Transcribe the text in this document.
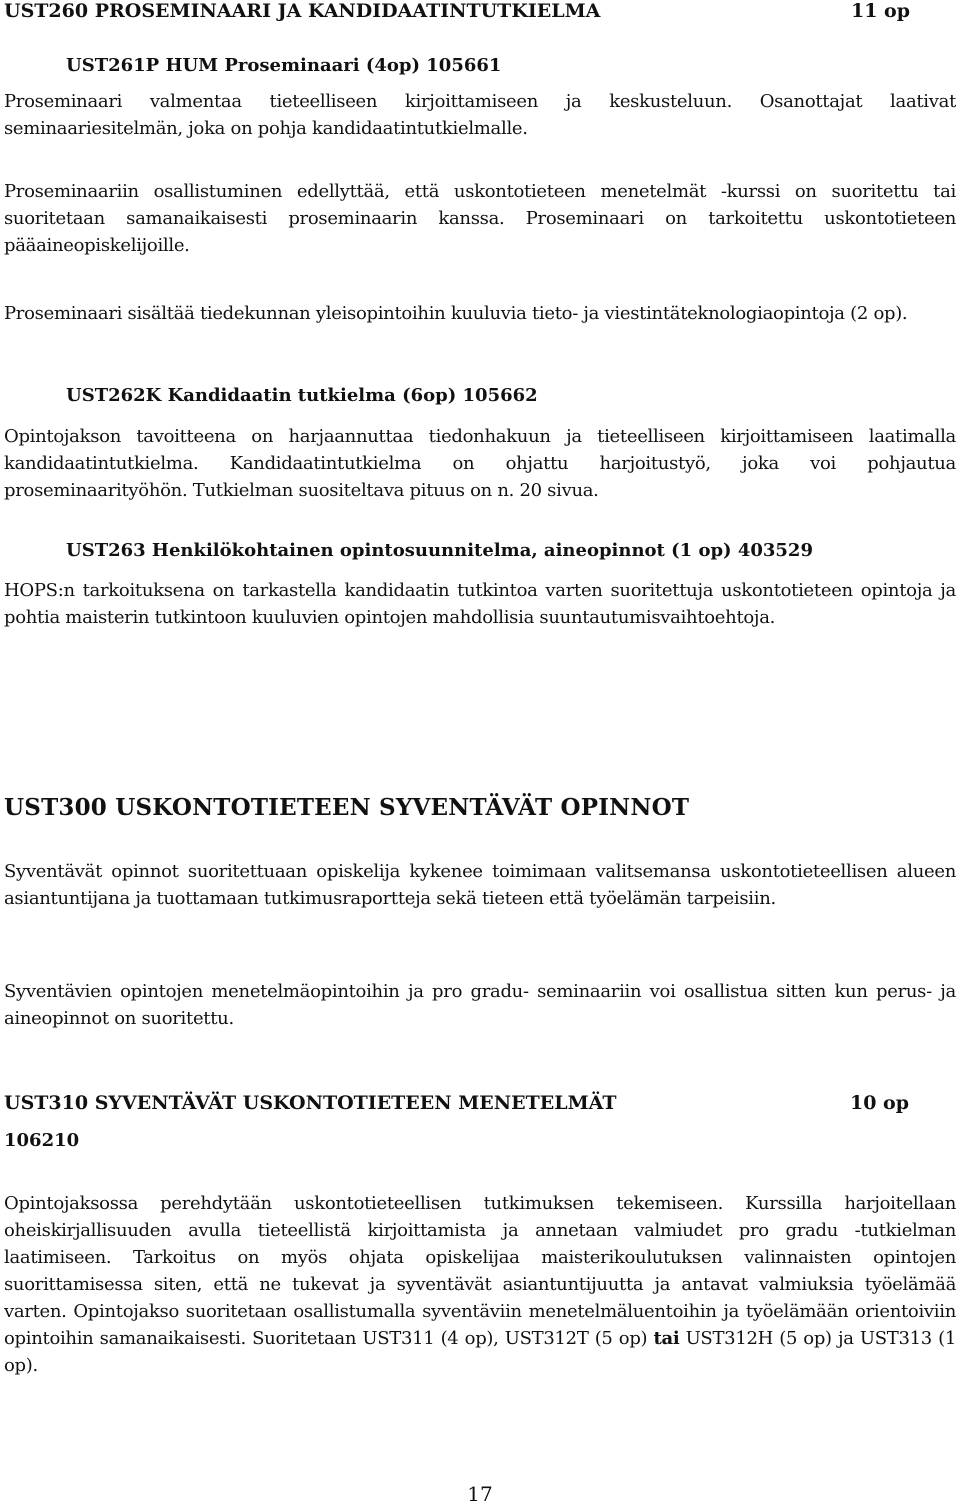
UST260 PROSEMINAARI JA KANDIDAATINTUTKIELMA	11 op
UST261P HUM Proseminaari (4op) 105661

Proseminaari valmentaa tieteelliseen kirjoittamiseen ja keskusteluun. Osanottajat laativat seminaariesitelmän, joka on pohja kandidaatintutkielmalle.

Proseminaariin osallistuminen edellyttää, että uskontotieteen menetelmät -kurssi on suoritettu tai suoritetaan samanaikaisesti proseminaarin kanssa. Proseminaari on tarkoitettu uskontotieteen pääaineopiskelijoille.

Proseminaari sisältää tiedekunnan yleisopintoihin kuuluvia tieto- ja viestintäteknologiaopintoja (2 op).

UST262K Kandidaatin tutkielma (6op) 105662

Opintojakson tavoitteena on harjaannuttaa tiedonhakuun ja tieteelliseen kirjoittamiseen laatimalla kandidaatintutkielma. Kandidaatintutkielma on ohjattu harjoitustyö, joka voi pohjautua proseminaarityöhön. Tutkielman suositeltava pituus on n. 20 sivua.

UST263 Henkilökohtainen opintosuunnitelma, aineopinnot (1 op) 403529

HOPS:n tarkoituksena on tarkastella kandidaatin tutkintoa varten suoritettuja uskontotieteen opintoja ja pohtia maisterin tutkintoon kuuluvien opintojen mahdollisia suuntautumisvaihtoehtoja.

UST300 USKONTOTIETEEN SYVENTÄVÄT OPINNOT

Syventävät opinnot suoritettuaan opiskelija kykenee toimimaan valitsemansa uskontotieteellisen alueen asiantuntijana ja tuottamaan tutkimusraportteja sekä tieteen että työelämän tarpeisiin.

Syventävien opintojen menetelmäopintoihin ja pro gradu- seminaariin voi osallistua sitten kun perus- ja aineopinnot on suoritettu.

UST310 SYVENTÄVÄT USKONTOTIETEEN MENETELMÄT	10 op
106210

Opintojaksossa perehdytään uskontotieteellisen tutkimuksen tekemiseen. Kurssilla harjoitellaan oheiskirjallisuuden avulla tieteellistä kirjoittamista ja annetaan valmiudet pro gradu -tutkielman laatimiseen. Tarkoitus on myös ohjata opiskelijaa maisterikoulutuksen valinnaisten opintojen suorittamisessa siten, että ne tukevat ja syventävät asiantuntijuutta ja antavat valmiuksia työelämää varten. Opintojakso suoritetaan osallistumalla syventäviin menetelmäluentoihin ja työelämään orientoiviin opintoihin samanaikaisesti. Suoritetaan UST311 (4 op), UST312T (5 op) tai UST312H (5 op) ja UST313 (1 op).

17
